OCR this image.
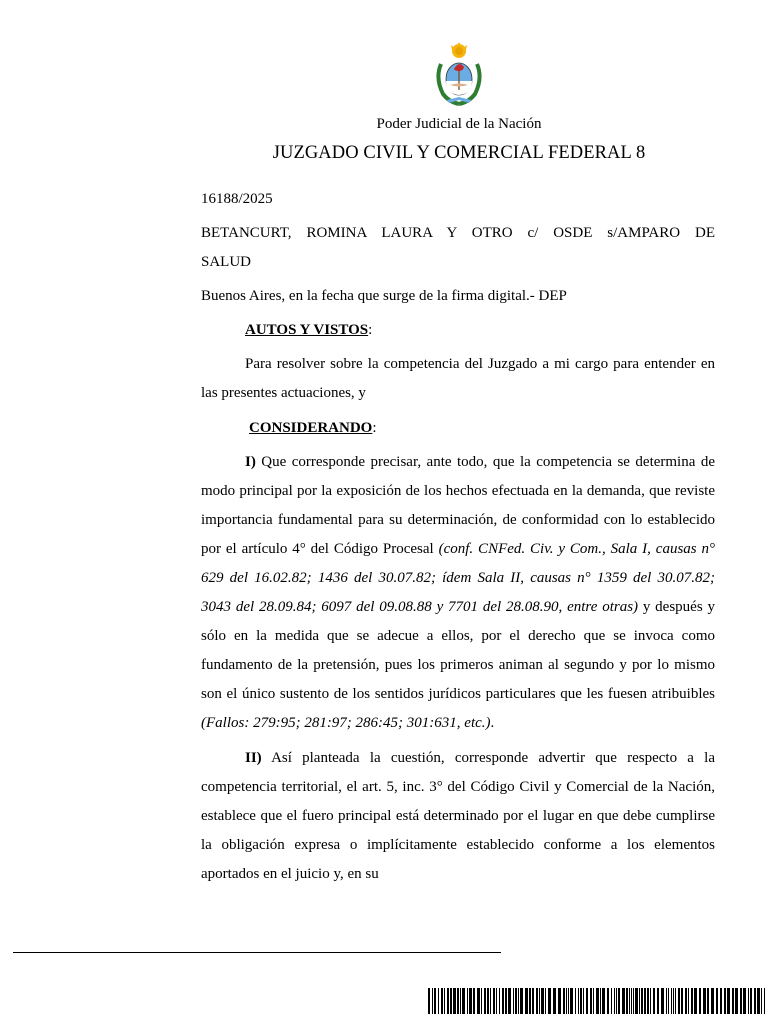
Poder Judicial de la Nación
JUZGADO CIVIL Y COMERCIAL FEDERAL 8

16188/2025

BETANCURT, ROMINA LAURA Y OTRO c/ OSDE s/AMPARO DE
SALUD

Buenos Aires, en la fecha que surge de la firma digital.- DEP

AUTOS Y VISTOS:

Para resolver sobre la competencia del Juzgado a mi cargo para entender en las presentes actuaciones, y

CONSIDERANDO:

I) Que corresponde precisar, ante todo, que la competencia se determina de modo principal por la exposición de los hechos efectuada en la demanda, que reviste importancia fundamental para su determinación, de conformidad con lo establecido por el artículo 4° del Código Procesal (conf. CNFed. Civ. y Com., Sala I, causas n° 629 del 16.02.82; 1436 del 30.07.82; ídem Sala II, causas n° 1359 del 30.07.82; 3043 del 28.09.84; 6097 del 09.08.88 y 7701 del 28.08.90, entre otras) y después y sólo en la medida que se adecue a ellos, por el derecho que se invoca como fundamento de la pretensión, pues los primeros animan al segundo y por lo mismo son el único sustento de los sentidos jurídicos particulares que les fuesen atribuibles (Fallos: 279:95; 281:97; 286:45; 301:631, etc.).

II) Así planteada la cuestión, corresponde advertir que respecto a la competencia territorial, el art. 5, inc. 3° del Código Civil y Comercial de la Nación, establece que el fuero principal está determinado por el lugar en que debe cumplirse la obligación expresa o implícitamente establecido conforme a los elementos aportados en el juicio y, en su
